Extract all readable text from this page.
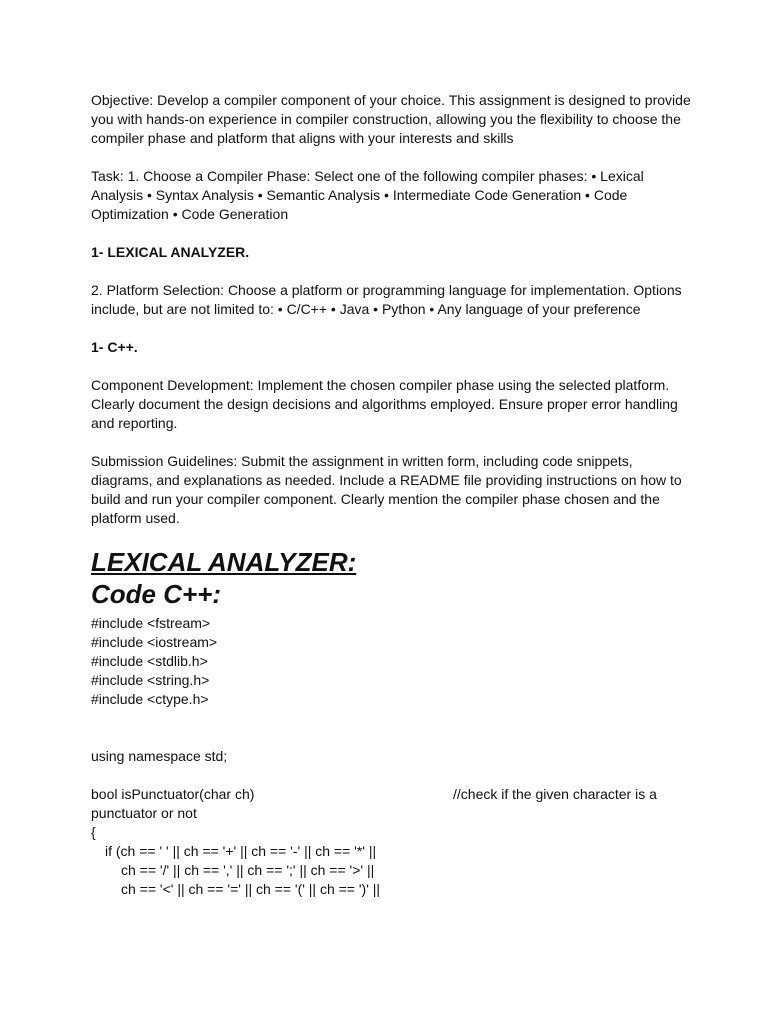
Objective: Develop a compiler component of your choice. This assignment is designed to provide you with hands-on experience in compiler construction, allowing you the flexibility to choose the compiler phase and platform that aligns with your interests and skills

Task: 1. Choose a Compiler Phase: Select one of the following compiler phases: • Lexical Analysis • Syntax Analysis • Semantic Analysis • Intermediate Code Generation • Code Optimization • Code Generation

1- LEXICAL ANALYZER.

2. Platform Selection: Choose a platform or programming language for implementation. Options include, but are not limited to: • C/C++ • Java • Python • Any language of your preference

1- C++.

Component Development: Implement the chosen compiler phase using the selected platform. Clearly document the design decisions and algorithms employed. Ensure proper error handling and reporting.

Submission Guidelines: Submit the assignment in written form, including code snippets, diagrams, and explanations as needed. Include a README file providing instructions on how to build and run your compiler component. Clearly mention the compiler phase chosen and the platform used.

LEXICAL ANALYZER:
Code C++:
#include <fstream>
#include <iostream>
#include <stdlib.h>
#include <string.h>
#include <ctype.h>
using namespace std;
bool isPunctuator(char ch)	//check if the given character is a
punctuator or not
{
if (ch == ' ' || ch == '+' || ch == '-' || ch == '*' ||
ch == '/' || ch == ',' || ch == ';' || ch == '>' ||
ch == '<' || ch == '=' || ch == '(' || ch == ')' ||
